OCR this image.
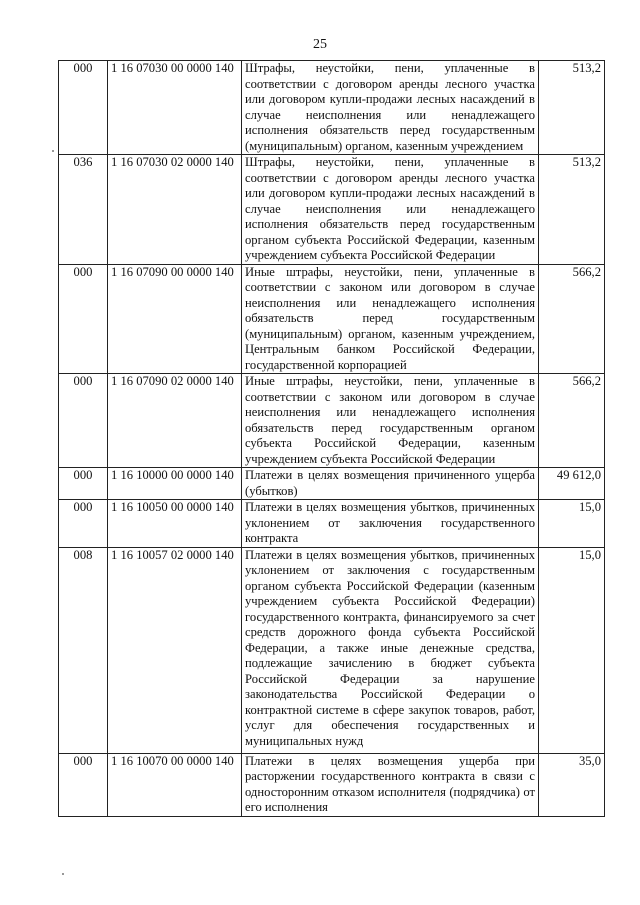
25
000	1 16 07030 00 0000 140	Штрафы, неустойки, пени, уплаченные в соответствии с договором аренды лесного участка или договором купли-продажи лесных насаждений в случае неисполнения или ненадлежащего исполнения обязательств перед государственным (муниципальным) органом, казенным учреждением	513,2
036	1 16 07030 02 0000 140	Штрафы, неустойки, пени, уплаченные в соответствии с договором аренды лесного участка или договором купли-продажи лесных насаждений в случае неисполнения или ненадлежащего исполнения обязательств перед государственным органом субъекта Российской Федерации, казенным учреждением субъекта Российской Федерации	513,2
000	1 16 07090 00 0000 140	Иные штрафы, неустойки, пени, уплаченные в соответствии с законом или договором в случае неисполнения или ненадлежащего исполнения обязательств перед государственным (муниципальным) органом, казенным учреждением, Центральным банком Российской Федерации, государственной корпорацией	566,2
000	1 16 07090 02 0000 140	Иные штрафы, неустойки, пени, уплаченные в соответствии с законом или договором в случае неисполнения или ненадлежащего исполнения обязательств перед государственным органом субъекта Российской Федерации, казенным учреждением субъекта Российской Федерации	566,2
000	1 16 10000 00 0000 140	Платежи в целях возмещения причиненного ущерба (убытков)	49 612,0
000	1 16 10050 00 0000 140	Платежи в целях возмещения убытков, причиненных уклонением от заключения государственного контракта	15,0
008	1 16 10057 02 0000 140	Платежи в целях возмещения убытков, причиненных уклонением от заключения с государственным органом субъекта Российской Федерации (казенным учреждением субъекта Российской Федерации) государственного контракта, финансируемого за счет средств дорожного фонда субъекта Российской Федерации, а также иные денежные средства, подлежащие зачислению в бюджет субъекта Российской Федерации за нарушение законодательства Российской Федерации о контрактной системе в сфере закупок товаров, работ, услуг для обеспечения государственных и муниципальных нужд	15,0
000	1 16 10070 00 0000 140	Платежи в целях возмещения ущерба при расторжении государственного контракта в связи с односторонним отказом исполнителя (подрядчика) от его исполнения	35,0
